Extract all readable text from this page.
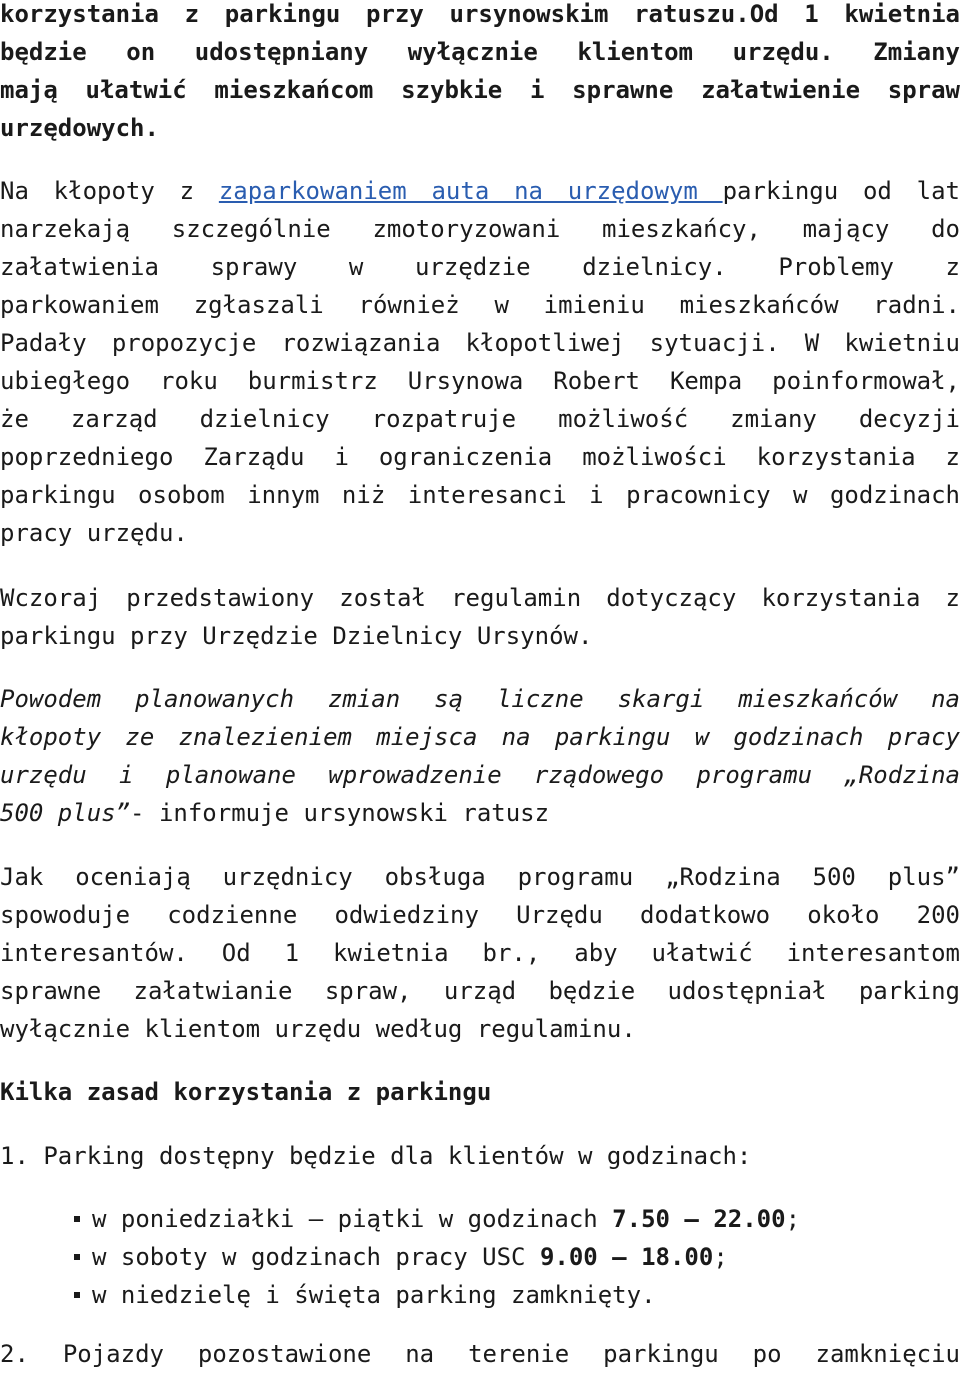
korzystania z parkingu przy ursynowskim ratuszu.Od 1 kwietnia
będzie on udostępniany wyłącznie klientom urzędu. Zmiany
mają ułatwić mieszkańcom szybkie i sprawne załatwienie spraw
urzędowych.
Na kłopoty z zaparkowaniem auta na urzędowym parkingu od lat
narzekają szczególnie zmotoryzowani mieszkańcy, mający do
załatwienia sprawy w urzędzie dzielnicy. Problemy z
parkowaniem zgłaszali również w imieniu mieszkańców radni.
Padały propozycje rozwiązania kłopotliwej sytuacji. W kwietniu
ubiegłego roku burmistrz Ursynowa Robert Kempa poinformował,
że zarząd dzielnicy rozpatruje możliwość zmiany decyzji
poprzedniego Zarządu i ograniczenia możliwości korzystania z
parkingu osobom innym niż interesanci i pracownicy w godzinach
pracy urzędu.
Wczoraj przedstawiony został regulamin dotyczący korzystania z
parkingu przy Urzędzie Dzielnicy Ursynów.
Powodem planowanych zmian są liczne skargi mieszkańców na
kłopoty ze znalezieniem miejsca na parkingu w godzinach pracy
urzędu i planowane wprowadzenie rządowego programu „Rodzina
500 plus”- informuje ursynowski ratusz
Jak oceniają urzędnicy obsługa programu „Rodzina 500 plus”
spowoduje codzienne odwiedziny Urzędu dodatkowo około 200
interesantów. Od 1 kwietnia br., aby ułatwić interesantom
sprawne załatwianie spraw, urząd będzie udostępniał parking
wyłącznie klientom urzędu według regulaminu.
Kilka zasad korzystania z parkingu
1. Parking dostępny będzie dla klientów w godzinach:
w poniedziałki – piątki w godzinach 7.50 – 22.00;
w soboty w godzinach pracy USC 9.00 – 18.00;
w niedzielę i święta parking zamknięty.
2. Pojazdy pozostawione na terenie parkingu po zamknięciu
